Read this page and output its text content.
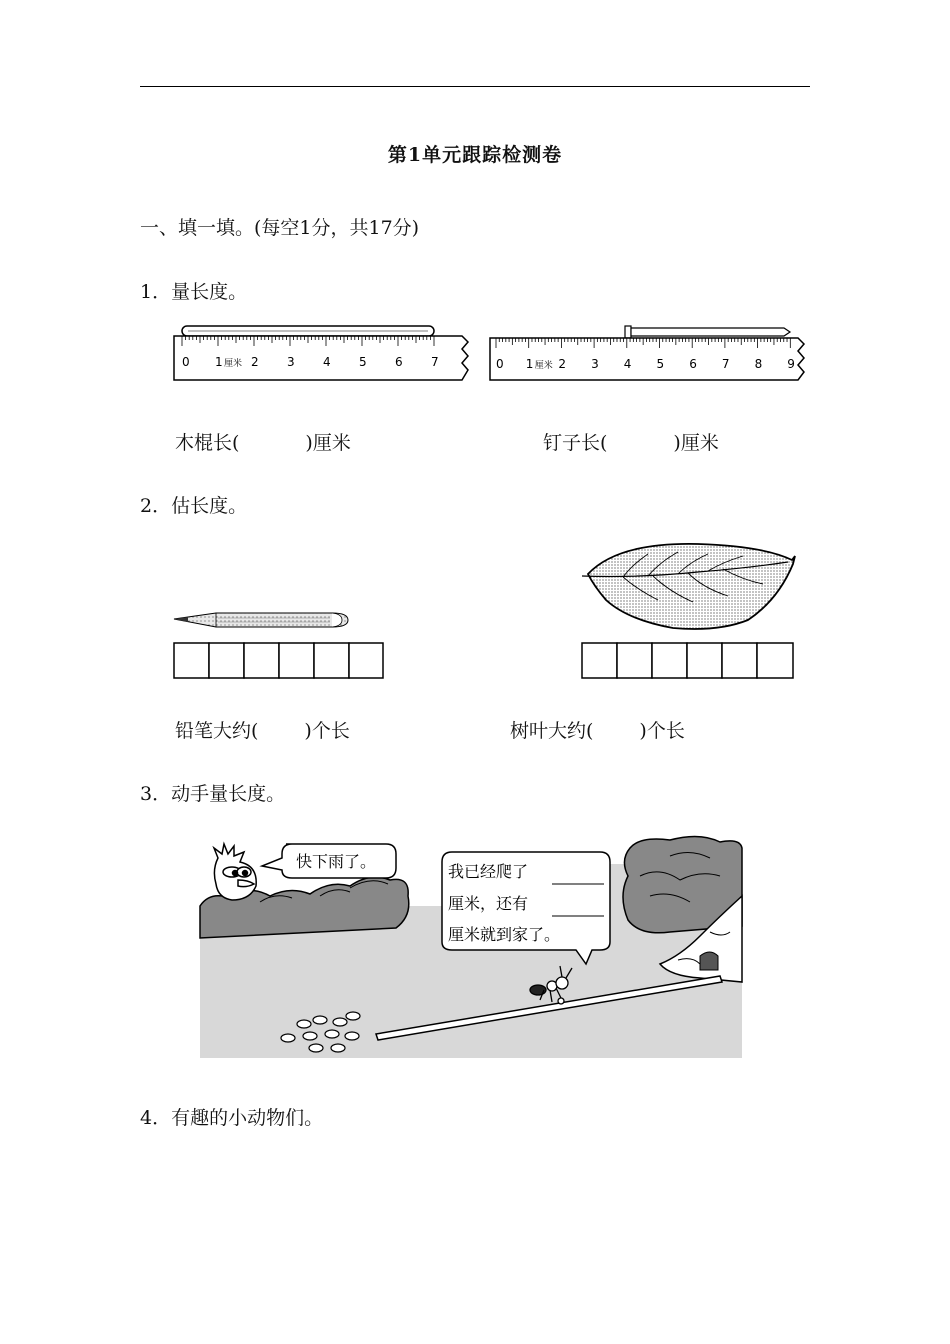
第1单元跟踪检测卷
一、填一填。(每空1分，共17分)
1．量长度。
0 1 2 3 4 5 6 7
厘米	0 1 2 3 4 5 6 7 8 9
厘米
木棍长(	)厘米	钉子长(	)厘米
2．估长度。
铅笔大约( )个长	树叶大约( )个长
3．动手量长度。
快下雨了。
我已经爬了
厘米，还有
厘米就到家了。
4．有趣的小动物们。
